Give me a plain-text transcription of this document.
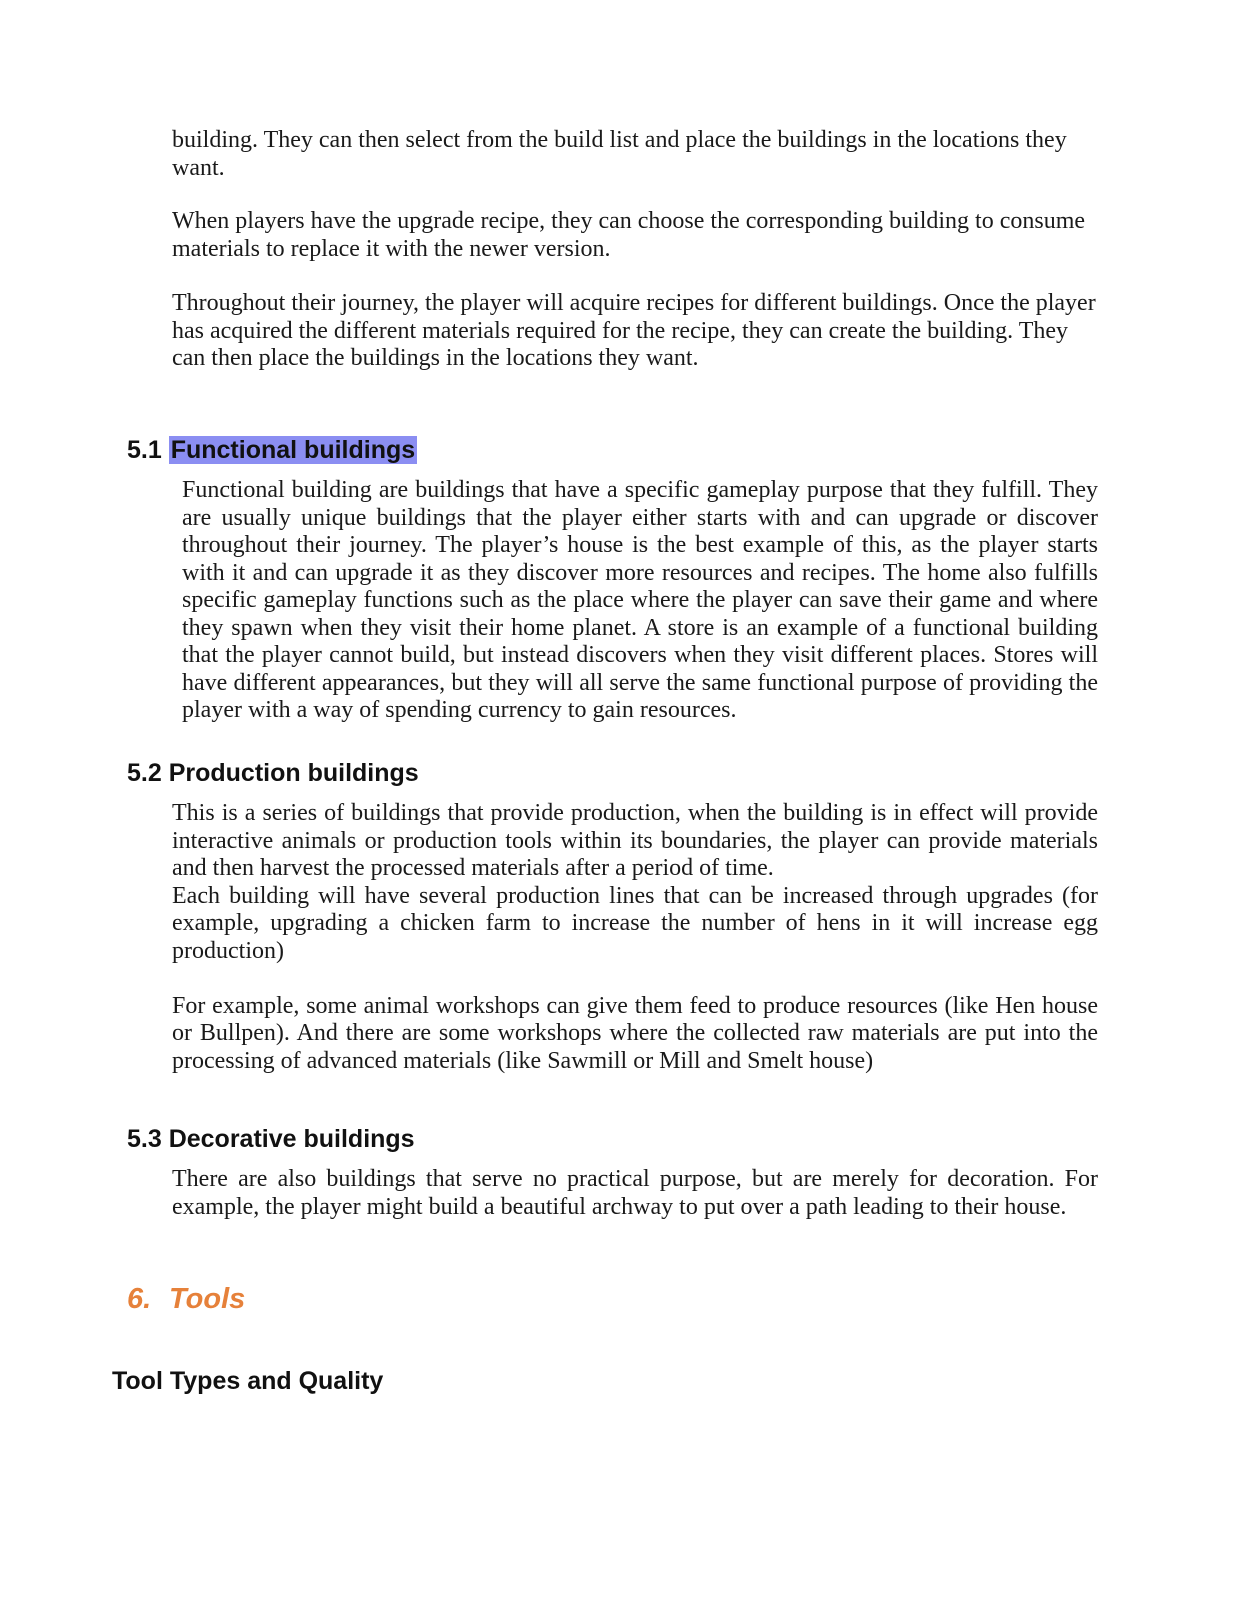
building. They can then select from the build list and place the buildings in the locations they want.

When players have the upgrade recipe, they can choose the corresponding building to consume materials to replace it with the newer version.

Throughout their journey, the player will acquire recipes for different buildings. Once the player has acquired the different materials required for the recipe, they can create the building. They can then place the buildings in the locations they want.

5.1 Functional buildings

Functional building are buildings that have a specific gameplay purpose that they fulfill. They are usually unique buildings that the player either starts with and can upgrade or discover throughout their journey. The player’s house is the best example of this, as the player starts with it and can upgrade it as they discover more resources and recipes. The home also fulfills specific gameplay functions such as the place where the player can save their game and where they spawn when they visit their home planet. A store is an example of a functional building that the player cannot build, but instead discovers when they visit different places. Stores will have different appearances, but they will all serve the same functional purpose of providing the player with a way of spending currency to gain resources.

5.2 Production buildings

This is a series of buildings that provide production, when the building is in effect will provide interactive animals or production tools within its boundaries, the player can provide materials and then harvest the processed materials after a period of time.

Each building will have several production lines that can be increased through upgrades (for example, upgrading a chicken farm to increase the number of hens in it will increase egg production)

For example, some animal workshops can give them feed to produce resources (like Hen house or Bullpen). And there are some workshops where the collected raw materials are put into the processing of advanced materials (like Sawmill or Mill and Smelt house)

5.3 Decorative buildings

There are also buildings that serve no practical purpose, but are merely for decoration. For example, the player might build a beautiful archway to put over a path leading to their house.

6. Tools
Tool Types and Quality
